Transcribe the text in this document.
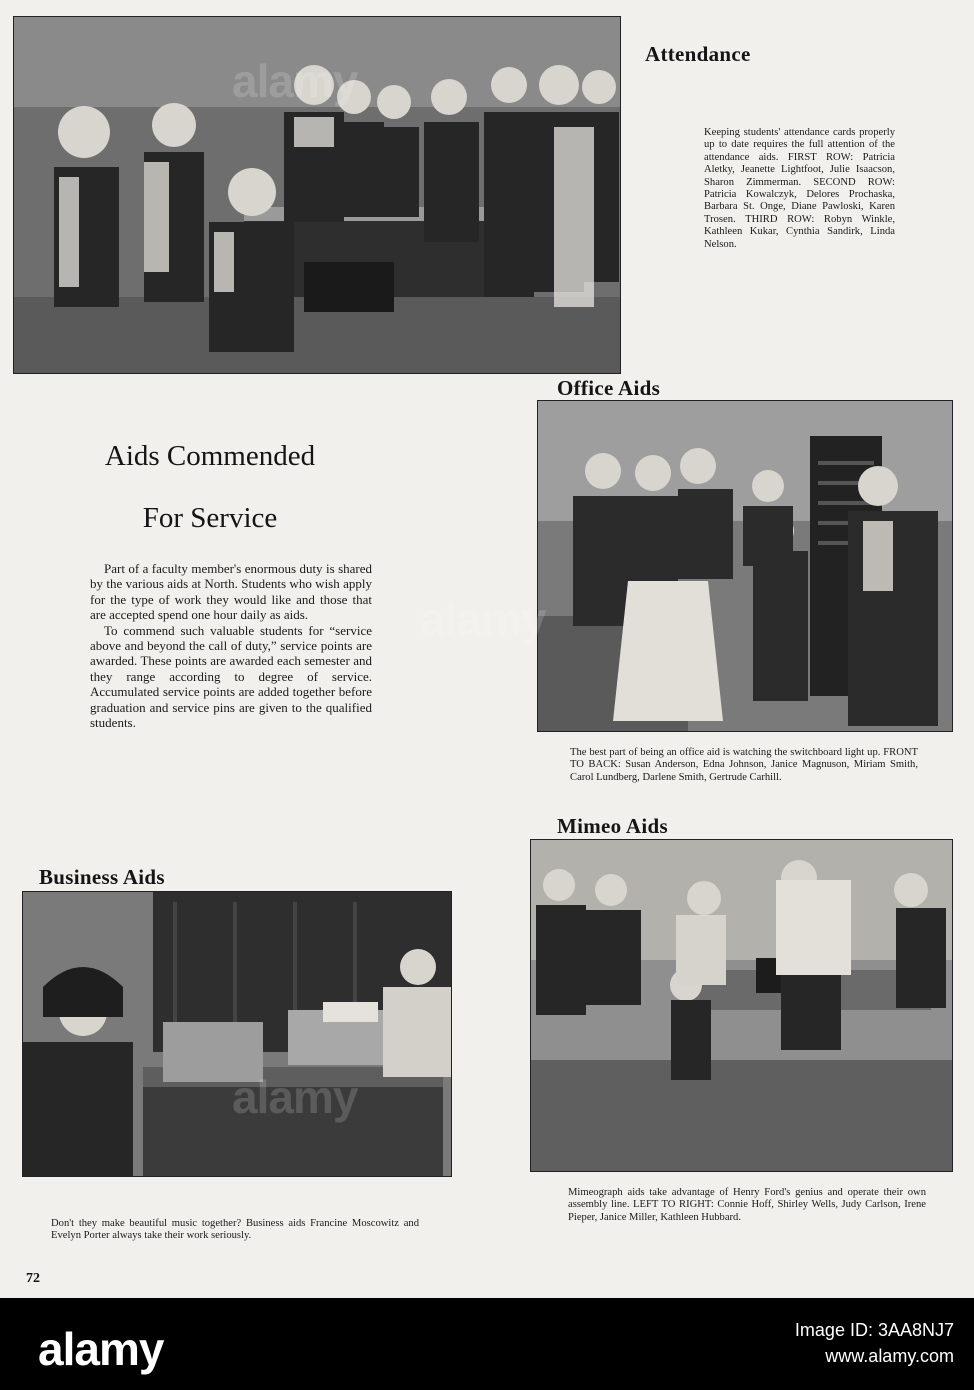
Attendance

Keeping students' attendance cards properly up to date requires the full attention of the attendance aids. FIRST ROW: Patricia Aletky, Jeanette Lightfoot, Julie Isaacson, Sharon Zimmerman. SECOND ROW: Patricia Kowalczyk, Delores Prochaska, Barbara St. Onge, Diane Pawloski, Karen Trosen. THIRD ROW: Robyn Winkle, Kathleen Kukar, Cynthia Sandirk, Linda Nelson.

Aids Commended
For Service

Part of a faculty member's enormous duty is shared by the various aids at North. Students who wish apply for the type of work they would like and those that are accepted spend one hour daily as aids.

To commend such valuable students for “service above and beyond the call of duty,” service points are awarded. These points are awarded each semester and they range according to degree of service. Accumulated service points are added together before graduation and service pins are given to the qualified students.

Office Aids

The best part of being an office aid is watching the switchboard light up. FRONT TO BACK: Susan Anderson, Edna Johnson, Janice Magnuson, Miriam Smith, Carol Lundberg, Darlene Smith, Gertrude Carhill.

Mimeo Aids

Mimeograph aids take advantage of Henry Ford's genius and operate their own assembly line. LEFT TO RIGHT: Connie Hoff, Shirley Wells, Judy Carlson, Irene Pieper, Janice Miller, Kathleen Hubbard.

Business Aids

Don't they make beautiful music together? Business aids Francine Moscowitz and Evelyn Porter always take their work seriously.

72
alamy

alamy	Image ID: 3AA8NJ7

www.alamy.com
